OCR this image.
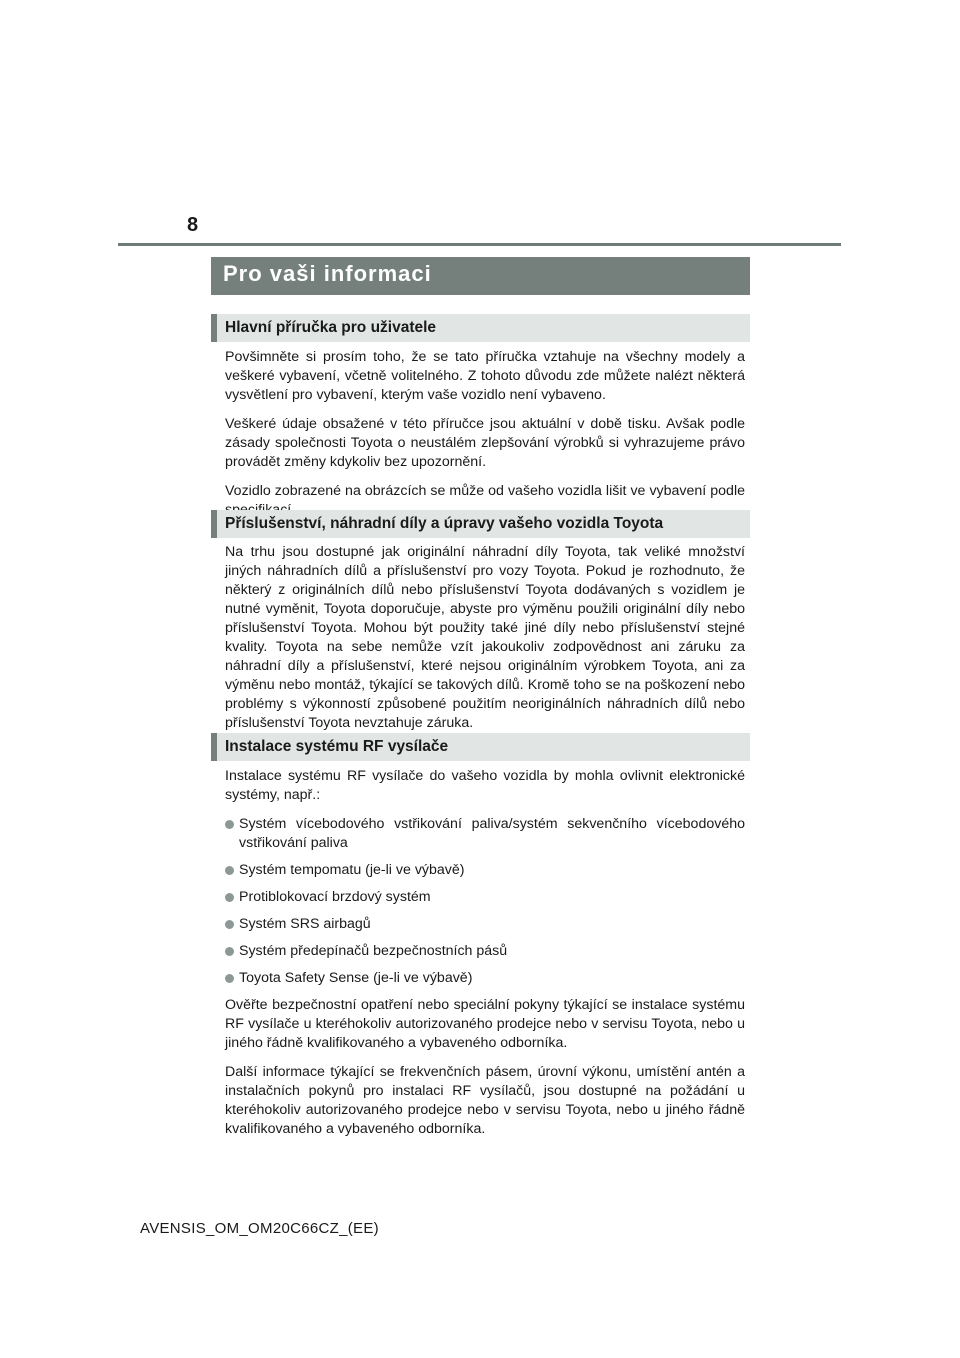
8
Pro vaši informaci
Hlavní příručka pro uživatele

Povšimněte si prosím toho, že se tato příručka vztahuje na všechny modely a veškeré vybavení, včetně volitelného. Z tohoto důvodu zde můžete nalézt některá vysvětlení pro vybavení, kterým vaše vozidlo není vybaveno.

Veškeré údaje obsažené v této příručce jsou aktuální v době tisku. Avšak podle zásady společnosti Toyota o neustálém zlepšování výrobků si vyhrazujeme právo provádět změny kdykoliv bez upozornění.

Vozidlo zobrazené na obrázcích se může od vašeho vozidla lišit ve vybavení podle

Příslušenství, náhradní díly a úpravy vašeho vozidla Toyota

Na trhu jsou dostupné jak originální náhradní díly Toyota, tak veliké množství jiných náhradních dílů a příslušenství pro vozy Toyota. Pokud je rozhodnuto, že některý z originálních dílů nebo příslušenství Toyota dodávaných s vozidlem je nutné vyměnit, Toyota doporučuje, abyste pro výměnu použili originální díly nebo příslušenství Toyota. Mohou být použity také jiné díly nebo příslušenství stejné kvality. Toyota na sebe nemůže vzít jakoukoliv zodpovědnost ani záruku za náhradní díly a příslušenství, které nejsou originálním výrobkem Toyota, ani za výměnu nebo montáž, týkající se takových dílů. Kromě toho se na poškození nebo problémy s výkonností způsobené použitím neoriginálních náhradních dílů nebo příslušenství Toyota nevztahuje záruka.

Instalace systému RF vysílače

Instalace systému RF vysílače do vašeho vozidla by mohla ovlivnit elektronické systémy, např.:

Systém vícebodového vstřikování paliva/systém sekvenčního vícebodového vstřikování paliva
Systém tempomatu (je-li ve výbavě)
Protiblokovací brzdový systém
Systém SRS airbagů
Systém předepínačů bezpečnostních pásů
Toyota Safety Sense (je-li ve výbavě)

Ověřte bezpečnostní opatření nebo speciální pokyny týkající se instalace systému RF vysílače u kteréhokoliv autorizovaného prodejce nebo v servisu Toyota, nebo u jiného řádně kvalifikovaného a vybaveného odborníka.

Další informace týkající se frekvenčních pásem, úrovní výkonu, umístění antén a instalačních pokynů pro instalaci RF vysílačů, jsou dostupné na požádání u kteréhokoliv autorizovaného prodejce nebo v servisu Toyota, nebo u jiného řádně kvalifikovaného a vybaveného odborníka.

AVENSIS_OM_OM20C66CZ_(EE)
